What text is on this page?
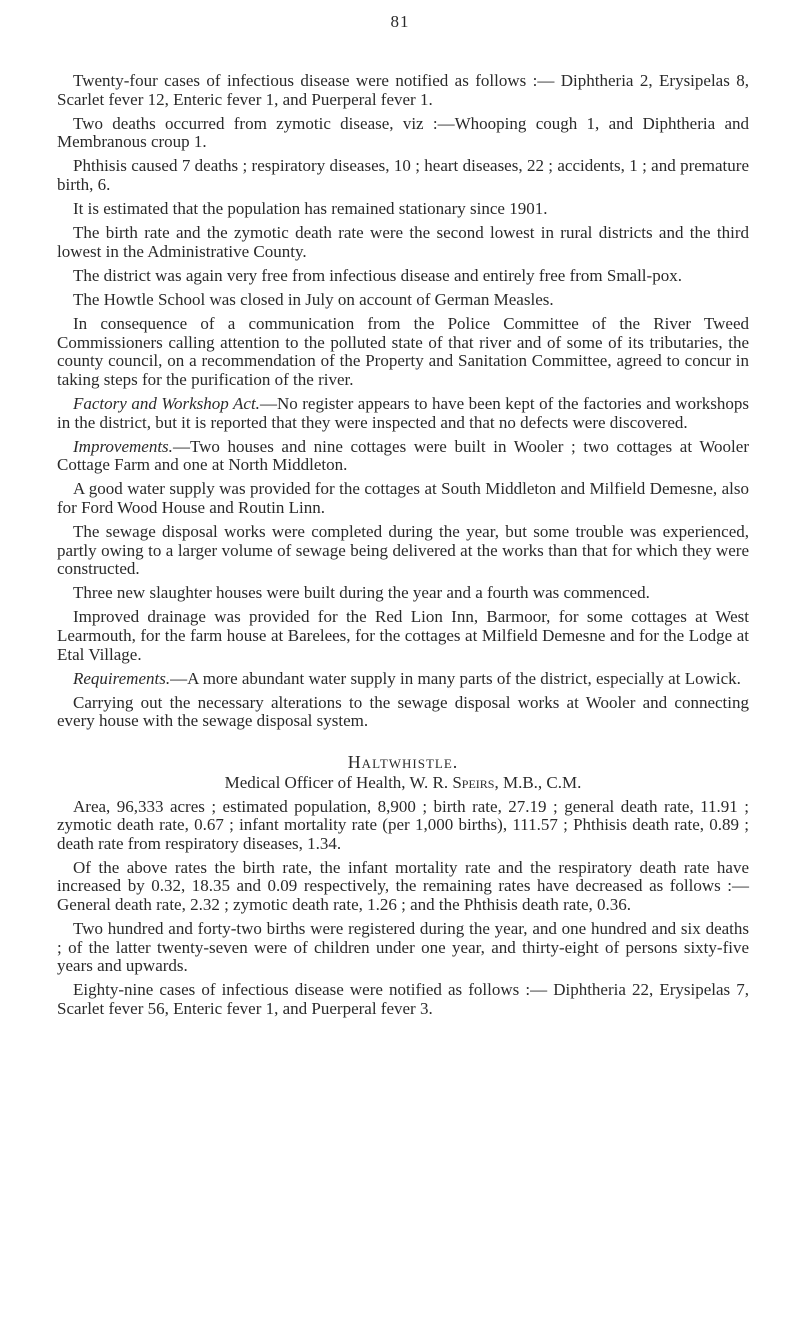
81

Twenty-four cases of infectious disease were notified as follows :— Diphtheria 2, Erysipelas 8, Scarlet fever 12, Enteric fever 1, and Puerperal fever 1.

Two deaths occurred from zymotic disease, viz :—Whooping cough 1, and Diphtheria and Membranous croup 1.

Phthisis caused 7 deaths ; respiratory diseases, 10 ; heart diseases, 22 ; accidents, 1 ; and premature birth, 6.

It is estimated that the population has remained stationary since 1901.

The birth rate and the zymotic death rate were the second lowest in rural districts and the third lowest in the Administrative County.

The district was again very free from infectious disease and entirely free from Small-pox.

The Howtle School was closed in July on account of German Measles.

In consequence of a communication from the Police Committee of the River Tweed Commissioners calling attention to the polluted state of that river and of some of its tributaries, the county council, on a recommendation of the Property and Sanitation Committee, agreed to concur in taking steps for the purification of the river.

Factory and Workshop Act.—No register appears to have been kept of the factories and workshops in the district, but it is reported that they were inspected and that no defects were discovered.

Improvements.—Two houses and nine cottages were built in Wooler ; two cottages at Wooler Cottage Farm and one at North Middleton.

A good water supply was provided for the cottages at South Middleton and Milfield Demesne, also for Ford Wood House and Routin Linn.

The sewage disposal works were completed during the year, but some trouble was experienced, partly owing to a larger volume of sewage being delivered at the works than that for which they were constructed.

Three new slaughter houses were built during the year and a fourth was commenced.

Improved drainage was provided for the Red Lion Inn, Barmoor, for some cottages at West Learmouth, for the farm house at Barelees, for the cottages at Milfield Demesne and for the Lodge at Etal Village.

Requirements.—A more abundant water supply in many parts of the district, especially at Lowick.

Carrying out the necessary alterations to the sewage disposal works at Wooler and connecting every house with the sewage disposal system.

Haltwhistle.

Medical Officer of Health, W. R. Speirs, M.B., C.M.

Area, 96,333 acres ; estimated population, 8,900 ; birth rate, 27.19 ; general death rate, 11.91 ; zymotic death rate, 0.67 ; infant mortality rate (per 1,000 births), 111.57 ; Phthisis death rate, 0.89 ; death rate from respiratory diseases, 1.34.

Of the above rates the birth rate, the infant mortality rate and the respiratory death rate have increased by 0.32, 18.35 and 0.09 respectively, the remaining rates have decreased as follows :—General death rate, 2.32 ; zymotic death rate, 1.26 ; and the Phthisis death rate, 0.36.

Two hundred and forty-two births were registered during the year, and one hundred and six deaths ; of the latter twenty-seven were of children under one year, and thirty-eight of persons sixty-five years and upwards.

Eighty-nine cases of infectious disease were notified as follows :— Diphtheria 22, Erysipelas 7, Scarlet fever 56, Enteric fever 1, and Puerperal fever 3.
